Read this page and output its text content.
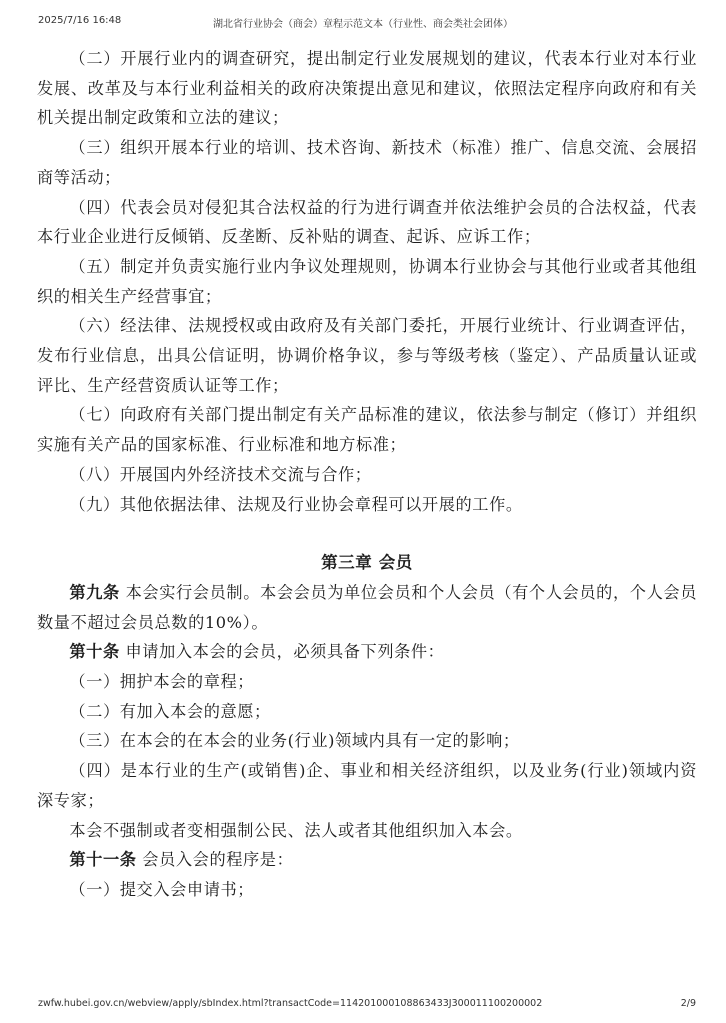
2025/7/16 16:48	湖北省行业协会（商会）章程示范文本（行业性、商会类社会团体）

（二）开展行业内的调查研究，提出制定行业发展规划的建议，代表本行业对本行业发展、改革及与本行业利益相关的政府决策提出意见和建议，依照法定程序向政府和有关机关提出制定政策和立法的建议；

（三）组织开展本行业的培训、技术咨询、新技术（标准）推广、信息交流、会展招商等活动；

（四）代表会员对侵犯其合法权益的行为进行调查并依法维护会员的合法权益，代表本行业企业进行反倾销、反垄断、反补贴的调查、起诉、应诉工作；

（五）制定并负责实施行业内争议处理规则，协调本行业协会与其他行业或者其他组织的相关生产经营事宜；

（六）经法律、法规授权或由政府及有关部门委托，开展行业统计、行业调查评估，发布行业信息，出具公信证明，协调价格争议，参与等级考核（鉴定）、产品质量认证或评比、生产经营资质认证等工作；

（七）向政府有关部门提出制定有关产品标准的建议，依法参与制定（修订）并组织实施有关产品的国家标准、行业标准和地方标准；

（八）开展国内外经济技术交流与合作；

（九）其他依据法律、法规及行业协会章程可以开展的工作。

第三章 会员

第九条 本会实行会员制。本会会员为单位会员和个人会员（有个人会员的，个人会员数量不超过会员总数的10%）。

第十条 申请加入本会的会员，必须具备下列条件：

（一）拥护本会的章程；

（二）有加入本会的意愿；

（三）在本会的在本会的业务(行业)领域内具有一定的影响；

（四）是本行业的生产(或销售)企、事业和相关经济组织，以及业务(行业)领域内资深专家；

本会不强制或者变相强制公民、法人或者其他组织加入本会。

第十一条 会员入会的程序是：

（一）提交入会申请书；

zwfw.hubei.gov.cn/webview/apply/sbIndex.html?transactCode=114201000108863433J300011100200002	2/9
